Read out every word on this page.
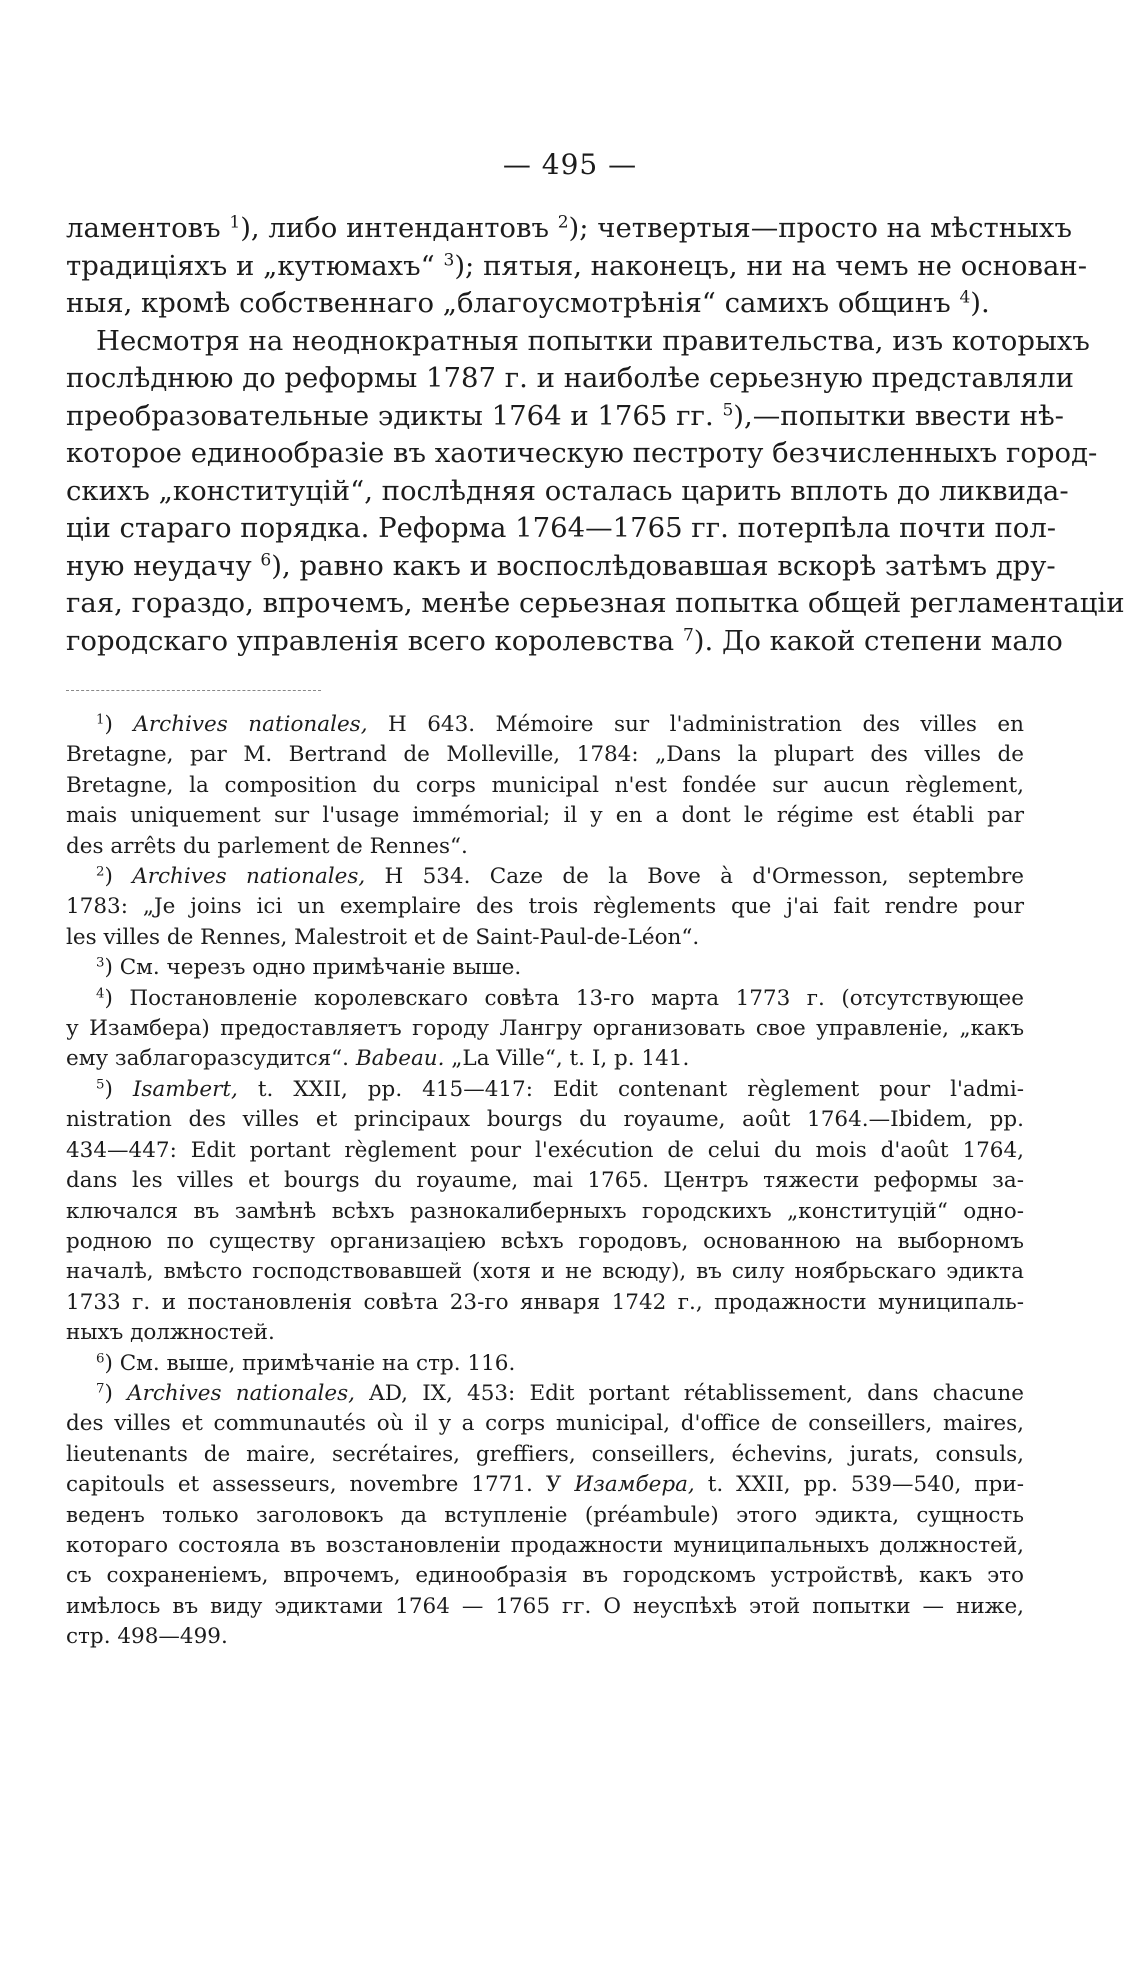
— 495 —
ламентовъ $^1$), либо интендантовъ $^2$); четвертыя—просто на мѣстныхъ
традиціяхъ и „кутюмахъ“ $^3$); пятыя, наконецъ, ни на чемъ не основан-
ныя, кромѣ собственнаго „благоусмотрѣнія“ самихъ общинъ $^4$).
Несмотря на неоднократныя попытки правительства, изъ которыхъ
послѣднюю до реформы 1787 г. и наиболѣе серьезную представляли
преобразовательные эдикты 1764 и 1765 гг. $^5$),—попытки ввести нѣ-
которое единообразіе въ хаотическую пестроту безчисленныхъ город-
скихъ „конституцій“, послѣдняя осталась царить вплоть до ликвида-
ціи стараго порядка. Реформа 1764—1765 гг. потерпѣла почти пол-
ную неудачу $^6$), равно какъ и воспослѣдовавшая вскорѣ затѣмъ дру-
гая, гораздо, впрочемъ, менѣе серьезная попытка общей регламентаціи
городскаго управленія всего королевства $^7$). До какой степени мало
$^1$) Archives nationales, H 643. Mémoire sur l'administration des villes en
Bretagne, par M. Bertrand de Molleville, 1784: „Dans la plupart des villes de
Bretagne, la composition du corps municipal n'est fondée sur aucun règlement,
mais uniquement sur l'usage immémorial; il y en a dont le régime est établi par
des arrêts du parlement de Rennes“.
$^2$) Archives nationales, H 534. Caze de la Bove à d'Ormesson, septembre
1783: „Je joins ici un exemplaire des trois règlements que j'ai fait rendre pour
les villes de Rennes, Malestroit et de Saint-Paul-de-Léon“.
$^3$) См. черезъ одно примѣчаніе выше.
$^4$) Постановленіе королевскаго совѣта 13-го марта 1773 г. (отсутствующее
у Изамбера) предоставляетъ городу Лангру организовать свое управленіе, „какъ
ему заблагоразсудится“. Babeau. „La Ville“, t. I, p. 141.
$^5$) Isambert, t. XXII, pp. 415—417: Edit contenant règlement pour l'admi-
nistration des villes et principaux bourgs du royaume, août 1764.—Ibidem, pp.
434—447: Edit portant règlement pour l'exécution de celui du mois d'août 1764,
dans les villes et bourgs du royaume, mai 1765. Центръ тяжести реформы за-
ключался въ замѣнѣ всѣхъ разнокалиберныхъ городскихъ „конституцій“ одно-
родною по существу организаціею всѣхъ городовъ, основанною на выборномъ
началѣ, вмѣсто господствовавшей (хотя и не всюду), въ силу ноябрьскаго эдикта
1733 г. и постановленія совѣта 23-го января 1742 г., продажности муниципаль-
ныхъ должностей.
$^6$) См. выше, примѣчаніе на стр. 116.
$^7$) Archives nationales, AD, IX, 453: Edit portant rétablissement, dans chacune
des villes et communautés où il y a corps municipal, d'office de conseillers, maires,
lieutenants de maire, secrétaires, greffiers, conseillers, échevins, jurats, consuls,
capitouls et assesseurs, novembre 1771. У Изамбера, t. XXII, pp. 539—540, при-
веденъ только заголовокъ да вступленіе (préambule) этого эдикта, сущность
котораго состояла въ возстановленіи продажности муниципальныхъ должностей,
съ сохраненіемъ, впрочемъ, единообразія въ городскомъ устройствѣ, какъ это
имѣлось въ виду эдиктами 1764 — 1765 гг. О неуспѣхѣ этой попытки — ниже,
стр. 498—499.
